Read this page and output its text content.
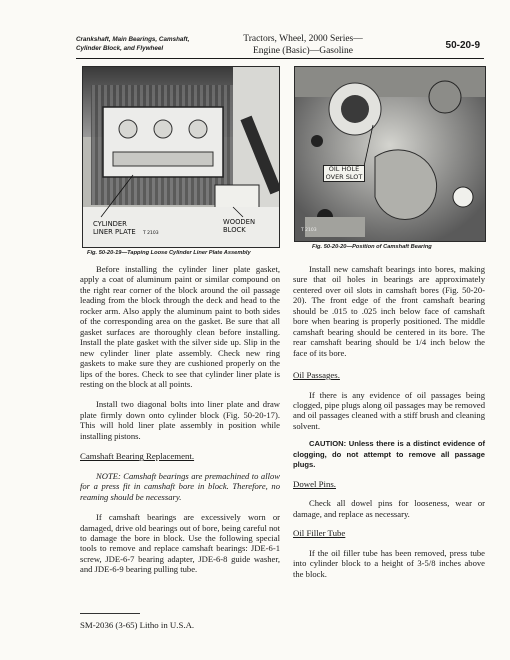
Crankshaft, Main Bearings, Camshaft,
Cylinder Block, and Flywheel
Tractors, Wheel, 2000 Series—
Engine (Basic)—Gasoline	50-20-9
CYLINDER
LINER PLATE T 2103
WOODEN
BLOCK
Fig. 50-20-19—Tapping Loose Cylinder Liner Plate Assembly
OIL HOLE
OVER SLOT
T 2103
Fig. 50-20-20—Position of Camshaft Bearing

Before installing the cylinder liner plate gasket, apply a coat of aluminum paint or similar compound on the right rear corner of the block around the oil passage leading from the block through the deck and head to the rocker arm. Also apply the aluminum paint to both sides of the corresponding area on the gasket. Be sure that all gasket surfaces are thoroughly clean before installing. Install the plate gasket with the silver side up. Slip in the new cylinder liner plate assembly. Check new ring gaskets to make sure they are cushioned properly on the lips of the bores. Check to see that cylinder liner plate is resting on the block at all points.

Install two diagonal bolts into liner plate and draw plate firmly down onto cylinder block (Fig. 50-20-17). This will hold liner plate assembly in position while installing pistons.

Camshaft Bearing Replacement.

NOTE: Camshaft bearings are premachined to allow for a press fit in camshaft bore in block. Therefore, no reaming should be necessary.

If camshaft bearings are excessively worn or damaged, drive old bearings out of bore, being careful not to damage the bore in block. Use the following special tools to remove and replace camshaft bearings: JDE-6-1 screw, JDE-6-7 bearing adapter, JDE-6-8 guide washer, and JDE-6-9 bearing pulling tube.

Install new camshaft bearings into bores, making sure that oil holes in bearings are approximately centered over oil slots in camshaft bores (Fig. 50-20-20). The front edge of the front camshaft bearing should be .015 to .025 inch below face of camshaft bore when bearing is properly positioned. The middle camshaft bearing should be centered in its bore. The rear camshaft bearing should be 1/4 inch below the face of its bore.

Oil Passages.

If there is any evidence of oil passages being clogged, pipe plugs along oil passages may be removed and oil passages cleaned with a stiff brush and cleaning solvent.

CAUTION: Unless there is a distinct evidence of clogging, do not attempt to remove all passage plugs.

Dowel Pins.

Check all dowel pins for looseness, wear or damage, and replace as necessary.

Oil Filler Tube

If the oil filler tube has been removed, press tube into cylinder block to a height of 3-5/8 inches above the block.

SM-2036 (3-65) Litho in U.S.A.
